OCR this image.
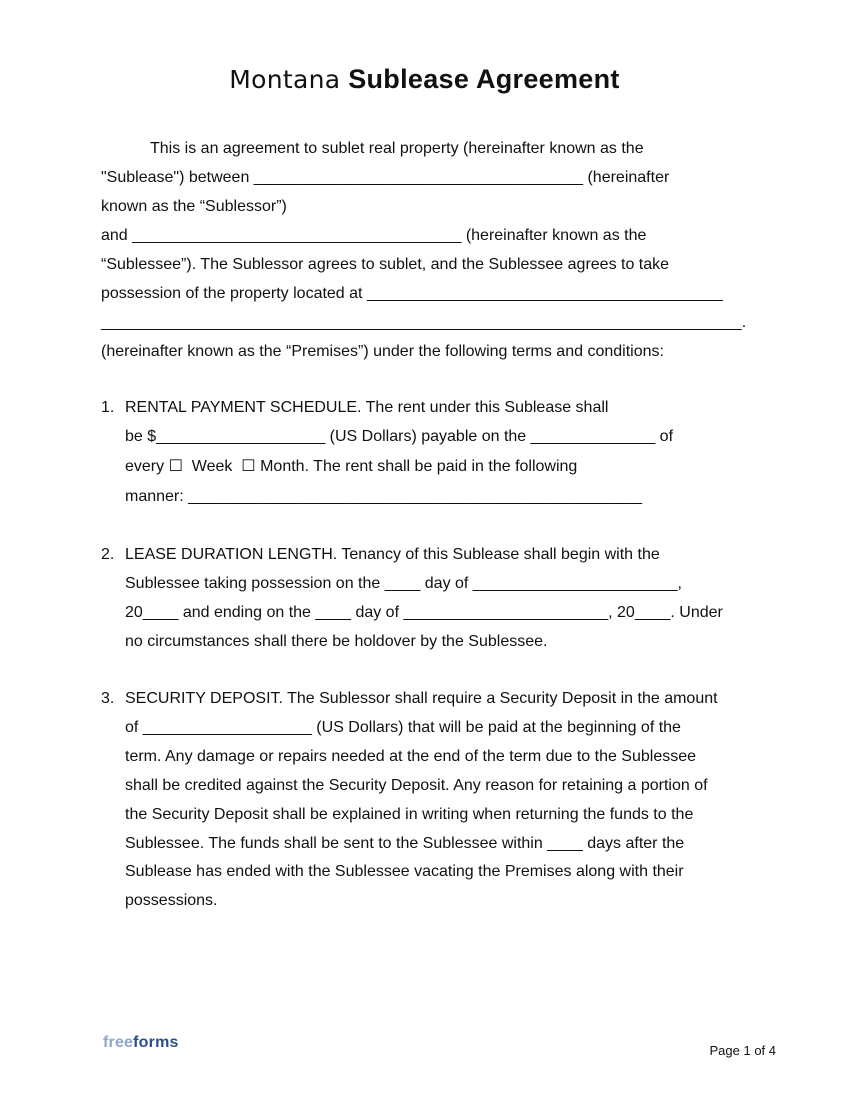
Montana Sublease Agreement
This is an agreement to sublet real property (hereinafter known as the
"Sublease") between _____________________________________ (hereinafter
known as the “Sublessor”)
and _____________________________________ (hereinafter known as the
“Sublessee”). The Sublessor agrees to sublet, and the Sublessee agrees to take
possession of the property located at ________________________________________
________________________________________________________________________.
(hereinafter known as the “Premises”) under the following terms and conditions:
1. RENTAL PAYMENT SCHEDULE. The rent under this Sublease shall
be $___________________ (US Dollars) payable on the ______________ of
every ☐  Week  ☐ Month. The rent shall be paid in the following
manner: ___________________________________________________
2. LEASE DURATION LENGTH. Tenancy of this Sublease shall begin with the
Sublessee taking possession on the ____ day of _______________________,
20____ and ending on the ____ day of _______________________, 20____. Under
no circumstances shall there be holdover by the Sublessee.
3. SECURITY DEPOSIT. The Sublessor shall require a Security Deposit in the amount
of ___________________ (US Dollars) that will be paid at the beginning of the
term. Any damage or repairs needed at the end of the term due to the Sublessee
shall be credited against the Security Deposit. Any reason for retaining a portion of
the Security Deposit shall be explained in writing when returning the funds to the
Sublessee. The funds shall be sent to the Sublessee within ____ days after the
Sublease has ended with the Sublessee vacating the Premises along with their
possessions.
freeforms	Page 1 of 4
